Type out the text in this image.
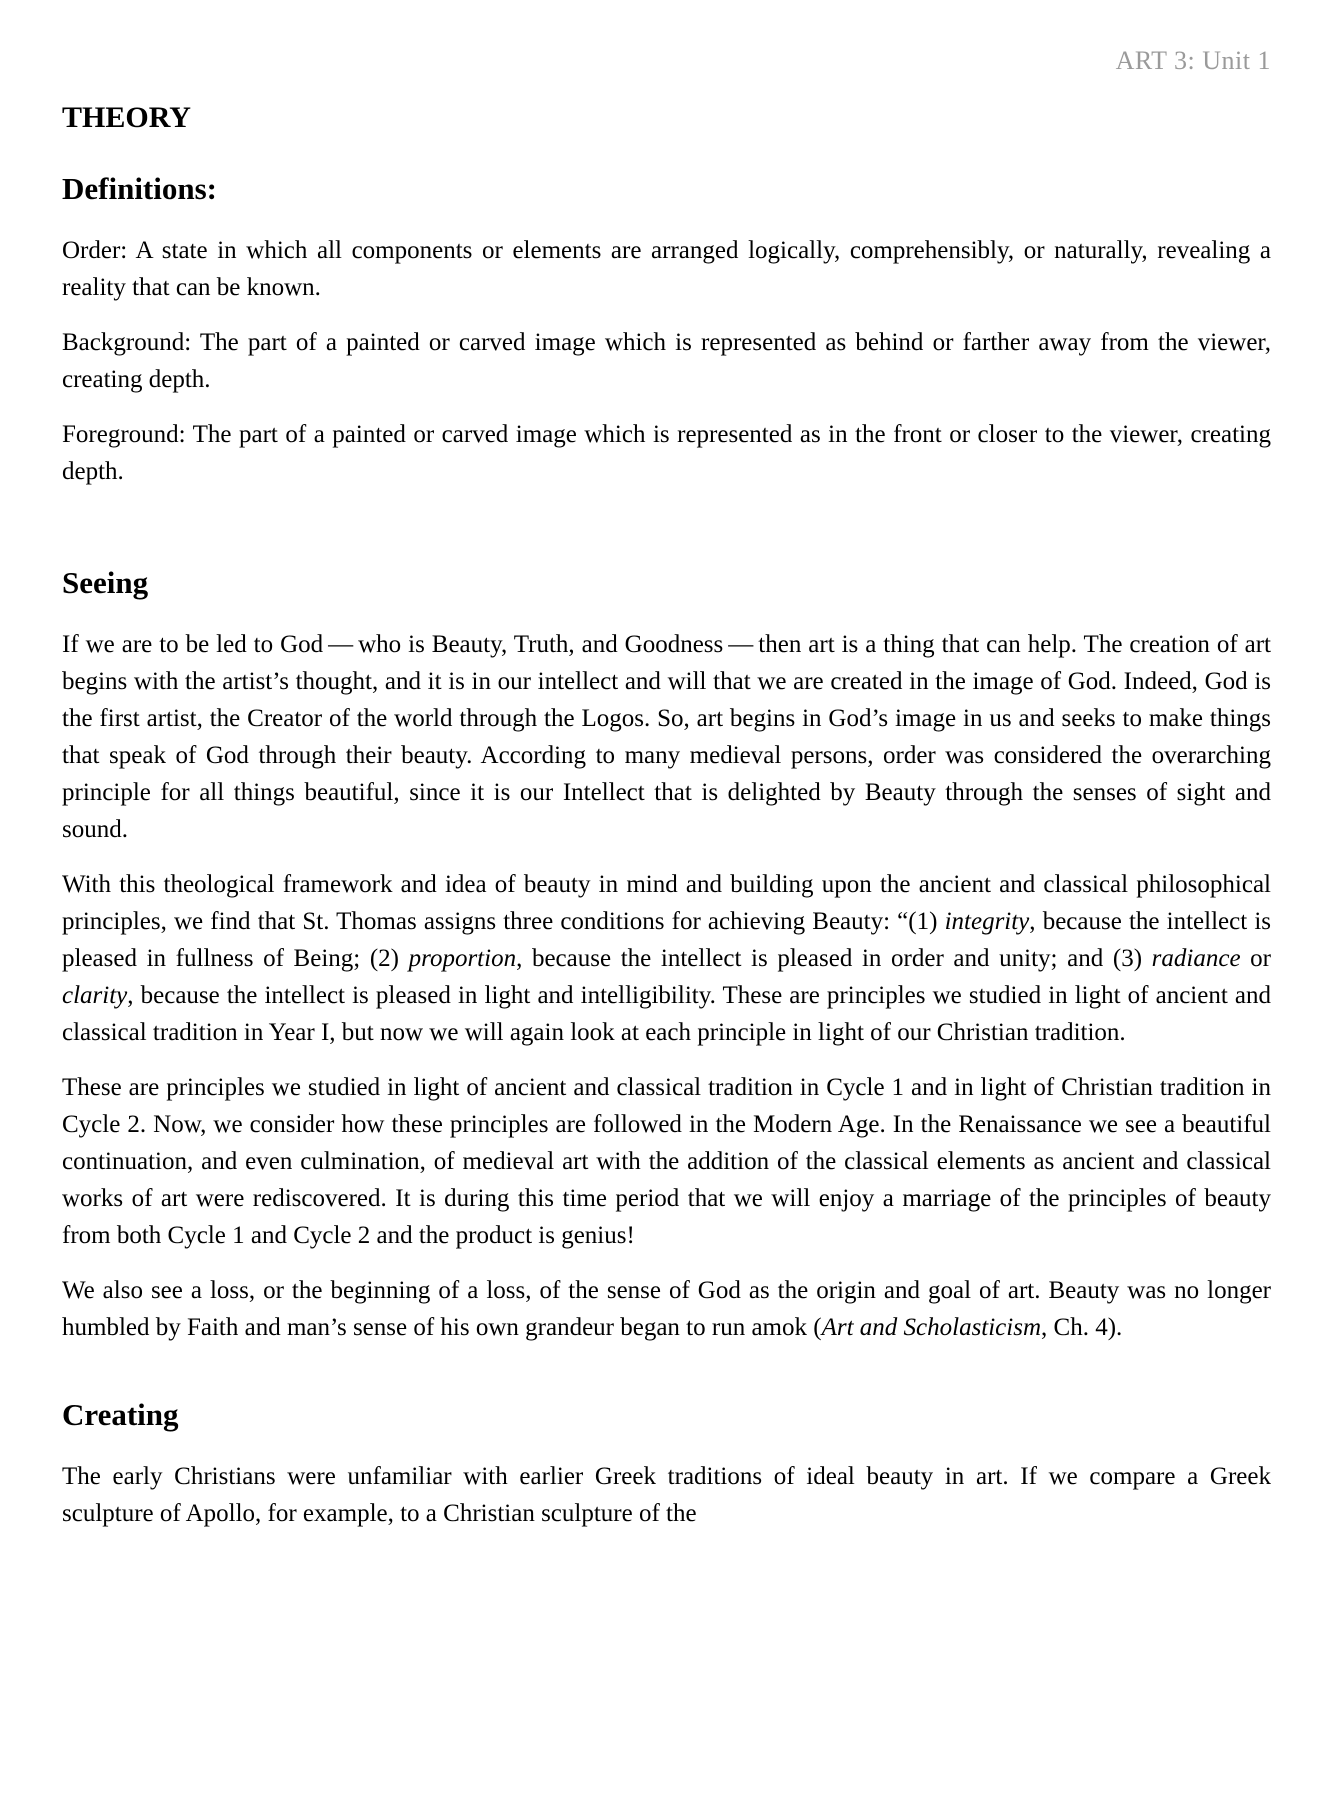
ART 3: Unit 1
THEORY
Definitions:

Order: A state in which all components or elements are arranged logically, comprehensibly, or naturally, revealing a reality that can be known.

Background: The part of a painted or carved image which is represented as behind or farther away from the viewer, creating depth.

Foreground: The part of a painted or carved image which is represented as in the front or closer to the viewer, creating depth.

Seeing

If we are to be led to God — who is Beauty, Truth, and Goodness — then art is a thing that can help. The creation of art begins with the artist’s thought, and it is in our intellect and will that we are created in the image of God. Indeed, God is the first artist, the Creator of the world through the Logos. So, art begins in God’s image in us and seeks to make things that speak of God through their beauty. According to many medieval persons, order was considered the overarching principle for all things beautiful, since it is our Intellect that is delighted by Beauty through the senses of sight and sound.

With this theological framework and idea of beauty in mind and building upon the ancient and classical philosophical principles, we find that St. Thomas assigns three conditions for achieving Beauty: “(1) integrity, because the intellect is pleased in fullness of Being; (2) proportion, because the intellect is pleased in order and unity; and (3) radiance or clarity, because the intellect is pleased in light and intelligibility. These are principles we studied in light of ancient and classical tradition in Year I, but now we will again look at each principle in light of our Christian tradition.

These are principles we studied in light of ancient and classical tradition in Cycle 1 and in light of Christian tradition in Cycle 2. Now, we consider how these principles are followed in the Modern Age. In the Renaissance we see a beautiful continuation, and even culmination, of medieval art with the addition of the classical elements as ancient and classical works of art were rediscovered. It is during this time period that we will enjoy a marriage of the principles of beauty from both Cycle 1 and Cycle 2 and the product is genius!

We also see a loss, or the beginning of a loss, of the sense of God as the origin and goal of art. Beauty was no longer humbled by Faith and man’s sense of his own grandeur began to run amok (Art and Scholasticism, Ch. 4).

Creating

The early Christians were unfamiliar with earlier Greek traditions of ideal beauty in art. If we compare a Greek sculpture of Apollo, for example, to a Christian sculpture of the
